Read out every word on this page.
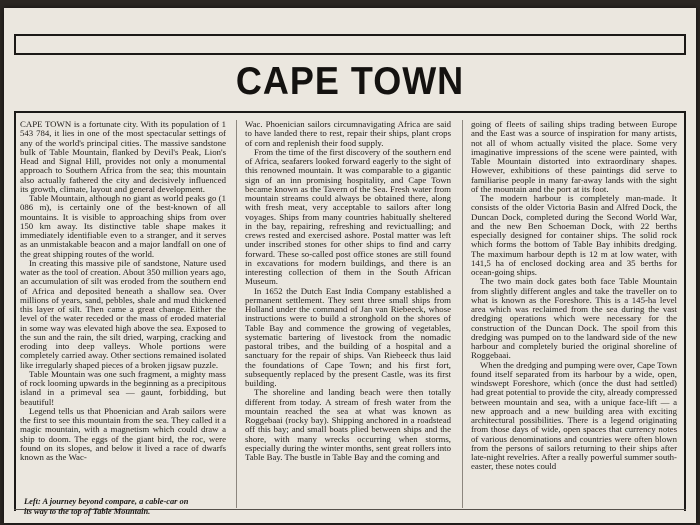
CAPE TOWN

CAPE TOWN is a fortunate city. With its population of 1 543 784, it lies in one of the most spectacular settings of any of the world's principal cities. The massive sandstone bulk of Table Mountain, flanked by Devil's Peak, Lion's Head and Signal Hill, provides not only a monumental approach to Southern Africa from the sea; this mountain also actually fathered the city and decisively influenced its growth, climate, layout and general development.

Table Mountain, although no giant as world peaks go (1 086 m), is certainly one of the best-known of all mountains. It is visible to approaching ships from over 150 km away. Its distinctive table shape makes it immediately identifiable even to a stranger, and it serves as an unmistakable beacon and a major landfall on one of the great shipping routes of the world.

In creating this massive pile of sandstone, Nature used water as the tool of creation. About 350 million years ago, an accumulation of silt was eroded from the southern end of Africa and deposited beneath a shallow sea. Over millions of years, sand, pebbles, shale and mud thickened this layer of silt. Then came a great change. Either the level of the water receded or the mass of eroded material in some way was elevated high above the sea. Exposed to the sun and the rain, the silt dried, warping, cracking and eroding into deep valleys. Whole portions were completely carried away. Other sections remained isolated like irregularly shaped pieces of a broken jigsaw puzzle.

Table Mountain was one such fragment, a mighty mass of rock looming upwards in the beginning as a precipitous island in a primeval sea — gaunt, forbidding, but beautiful!

Legend tells us that Phoenician and Arab sailors were the first to see this mountain from the sea. They called it a magic mountain, with a magnetism which could draw a ship to doom. The eggs of the giant bird, the roc, were found on its slopes, and below it lived a race of dwarfs known as the Wac-

Wac. Phoenician sailors circumnavigating Africa are said to have landed there to rest, repair their ships, plant crops of corn and replenish their food supply.

From the time of the first discovery of the southern end of Africa, seafarers looked forward eagerly to the sight of this renowned mountain. It was comparable to a gigantic sign of an inn promising hospitality, and Cape Town became known as the Tavern of the Sea. Fresh water from mountain streams could always be obtained there, along with fresh meat, very acceptable to sailors after long voyages. Ships from many countries habitually sheltered in the bay, repairing, refreshing and revictualling; and crews rested and exercised ashore. Postal matter was left under inscribed stones for other ships to find and carry forward. These so-called post office stones are still found in excavations for modern buildings, and there is an interesting collection of them in the South African Museum.

In 1652 the Dutch East India Company established a permanent settlement. They sent three small ships from Holland under the command of Jan van Riebeeck, whose instructions were to build a stronghold on the shores of Table Bay and commence the growing of vegetables, systematic bartering of livestock from the nomadic pastoral tribes, and the building of a hospital and a sanctuary for the repair of ships. Van Riebeeck thus laid the foundations of Cape Town; and his first fort, subsequently replaced by the present Castle, was its first building.

The shoreline and landing beach were then totally different from today. A stream of fresh water from the mountain reached the sea at what was known as Roggebaai (rocky bay). Shipping anchored in a roadstead off this bay; and small boats plied between ships and the shore, with many wrecks occurring when storms, especially during the winter months, sent great rollers into Table Bay. The bustle in Table Bay and the coming and

going of fleets of sailing ships trading between Europe and the East was a source of inspiration for many artists, not all of whom actually visited the place. Some very imaginative impressions of the scene were painted, with Table Mountain distorted into extraordinary shapes. However, exhibitions of these paintings did serve to familiarise people in many far-away lands with the sight of the mountain and the port at its foot.

The modern harbour is completely man-made. It consists of the older Victoria Basin and Alfred Dock, the Duncan Dock, completed during the Second World War, and the new Ben Schoeman Dock, with 22 berths especially designed for container ships. The solid rock which forms the bottom of Table Bay inhibits dredging. The maximum harbour depth is 12 m at low water, with 141,5 ha of enclosed docking area and 35 berths for ocean-going ships.

The two main dock gates both face Table Mountain from slightly different angles and take the traveller on to what is known as the Foreshore. This is a 145-ha level area which was reclaimed from the sea during the vast dredging operations which were necessary for the construction of the Duncan Dock. The spoil from this dredging was pumped on to the landward side of the new harbour and completely buried the original shoreline of Roggebaai.

When the dredging and pumping were over, Cape Town found itself separated from its harbour by a wide, open, windswept Foreshore, which (once the dust had settled) had great potential to provide the city, already compressed between mountain and sea, with a unique face-lift — a new approach and a new building area with exciting architectural possibilities. There is a legend originating from those days of wide, open spaces that currency notes of various denominations and countries were often blown from the persons of sailors returning to their ships after late-night revelries. After a really powerful summer south-easter, these notes could

Left: A journey beyond compare, a cable-car on
its way to the top of Table Mountain.
